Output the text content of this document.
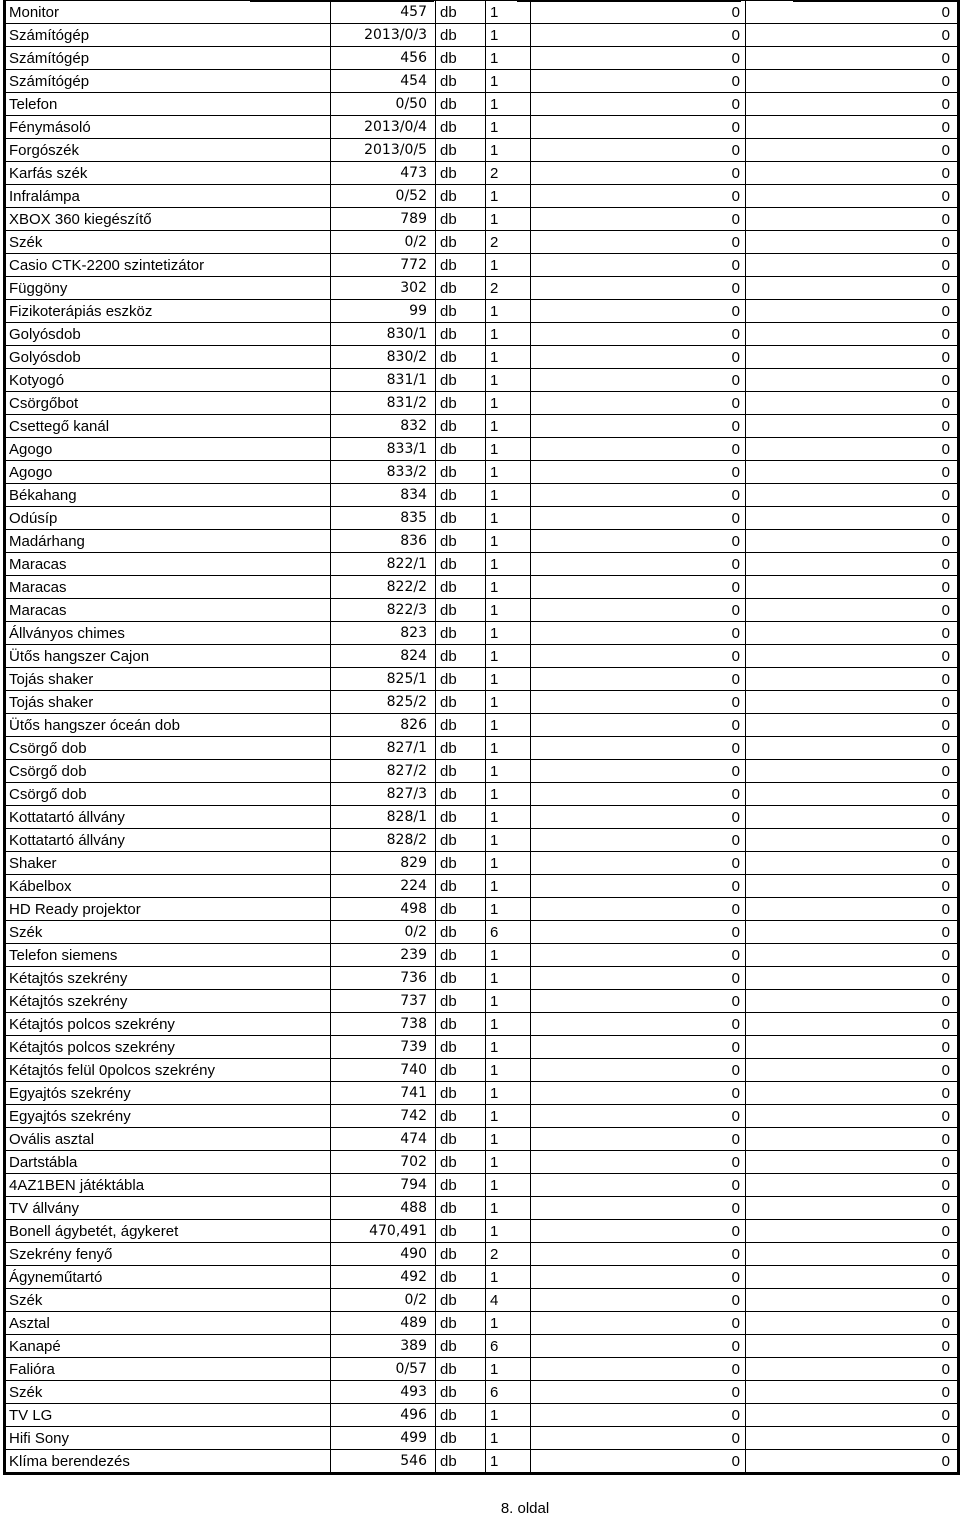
Monitor	457	db	1	0	0
Számítógép	2013/0/3	db	1	0	0
Számítógép	456	db	1	0	0
Számítógép	454	db	1	0	0
Telefon	0/50	db	1	0	0
Fénymásoló	2013/0/4	db	1	0	0
Forgószék	2013/0/5	db	1	0	0
Karfás szék	473	db	2	0	0
Infralámpa	0/52	db	1	0	0
XBOX 360 kiegészítő	789	db	1	0	0
Szék	0/2	db	2	0	0
Casio CTK-2200 szintetizátor	772	db	1	0	0
Függöny	302	db	2	0	0
Fizikoterápiás eszköz	99	db	1	0	0
Golyósdob	830/1	db	1	0	0
Golyósdob	830/2	db	1	0	0
Kotyogó	831/1	db	1	0	0
Csörgőbot	831/2	db	1	0	0
Csettegő kanál	832	db	1	0	0
Agogo	833/1	db	1	0	0
Agogo	833/2	db	1	0	0
Békahang	834	db	1	0	0
Odúsíp	835	db	1	0	0
Madárhang	836	db	1	0	0
Maracas	822/1	db	1	0	0
Maracas	822/2	db	1	0	0
Maracas	822/3	db	1	0	0
Állványos chimes	823	db	1	0	0
Ütős hangszer Cajon	824	db	1	0	0
Tojás shaker	825/1	db	1	0	0
Tojás shaker	825/2	db	1	0	0
Ütős hangszer óceán dob	826	db	1	0	0
Csörgő dob	827/1	db	1	0	0
Csörgő dob	827/2	db	1	0	0
Csörgő dob	827/3	db	1	0	0
Kottatartó állvány	828/1	db	1	0	0
Kottatartó állvány	828/2	db	1	0	0
Shaker	829	db	1	0	0
Kábelbox	224	db	1	0	0
HD Ready projektor	498	db	1	0	0
Szék	0/2	db	6	0	0
Telefon siemens	239	db	1	0	0
Kétajtós szekrény	736	db	1	0	0
Kétajtós szekrény	737	db	1	0	0
Kétajtós polcos szekrény	738	db	1	0	0
Kétajtós polcos szekrény	739	db	1	0	0
Kétajtós felül 0polcos szekrény	740	db	1	0	0
Egyajtós szekrény	741	db	1	0	0
Egyajtós szekrény	742	db	1	0	0
Ovális asztal	474	db	1	0	0
Dartstábla	702	db	1	0	0
4AZ1BEN játéktábla	794	db	1	0	0
TV állvány	488	db	1	0	0
Bonell ágybetét, ágykeret	470,491	db	1	0	0
Szekrény fenyő	490	db	2	0	0
Ágyneműtartó	492	db	1	0	0
Szék	0/2	db	4	0	0
Asztal	489	db	1	0	0
Kanapé	389	db	6	0	0
Falióra	0/57	db	1	0	0
Szék	493	db	6	0	0
TV LG	496	db	1	0	0
Hifi Sony	499	db	1	0	0
Klíma berendezés	546	db	1	0	0
8. oldal
